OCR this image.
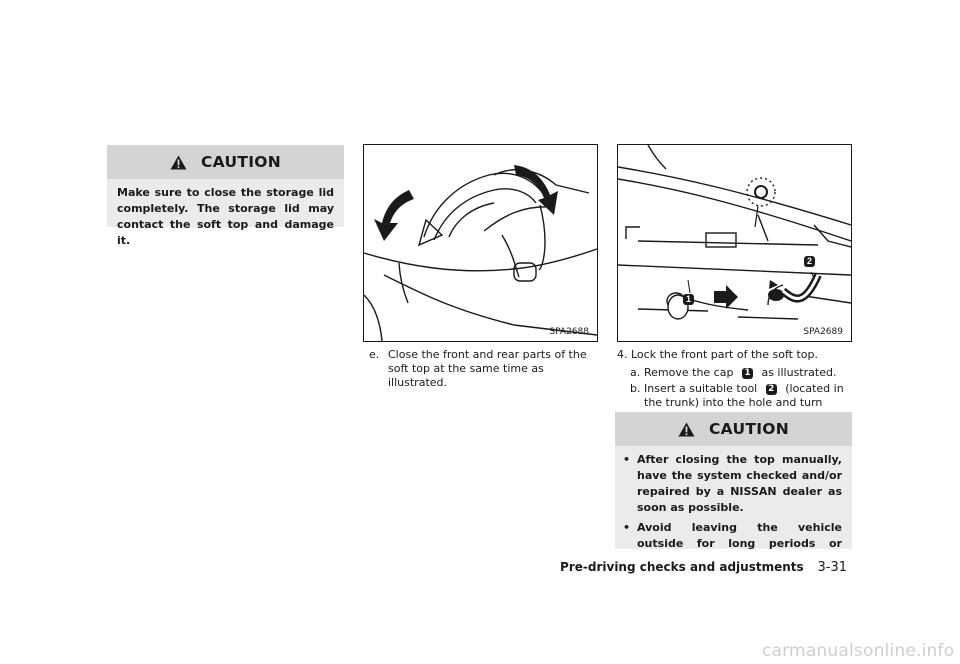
CAUTION
Make sure to close the storage lid completely. The storage lid may contact the soft top and damage it.
SPA2688
1
2
SPA2689
e. Close the front and rear parts of the soft top at the same time as illustrated.
4. Lock the front part of the soft top.
a. Remove the cap 1 as illustrated.
b. Insert a suitable tool 2 (located in the trunk) into the hole and turn
CAUTION
• After closing the top manually, have the system checked and/or repaired by a NISSAN dealer as soon as possible.
• Avoid leaving the vehicle outside for long periods or
Pre-driving checks and adjustments 3-31
carmanualsonline.info
